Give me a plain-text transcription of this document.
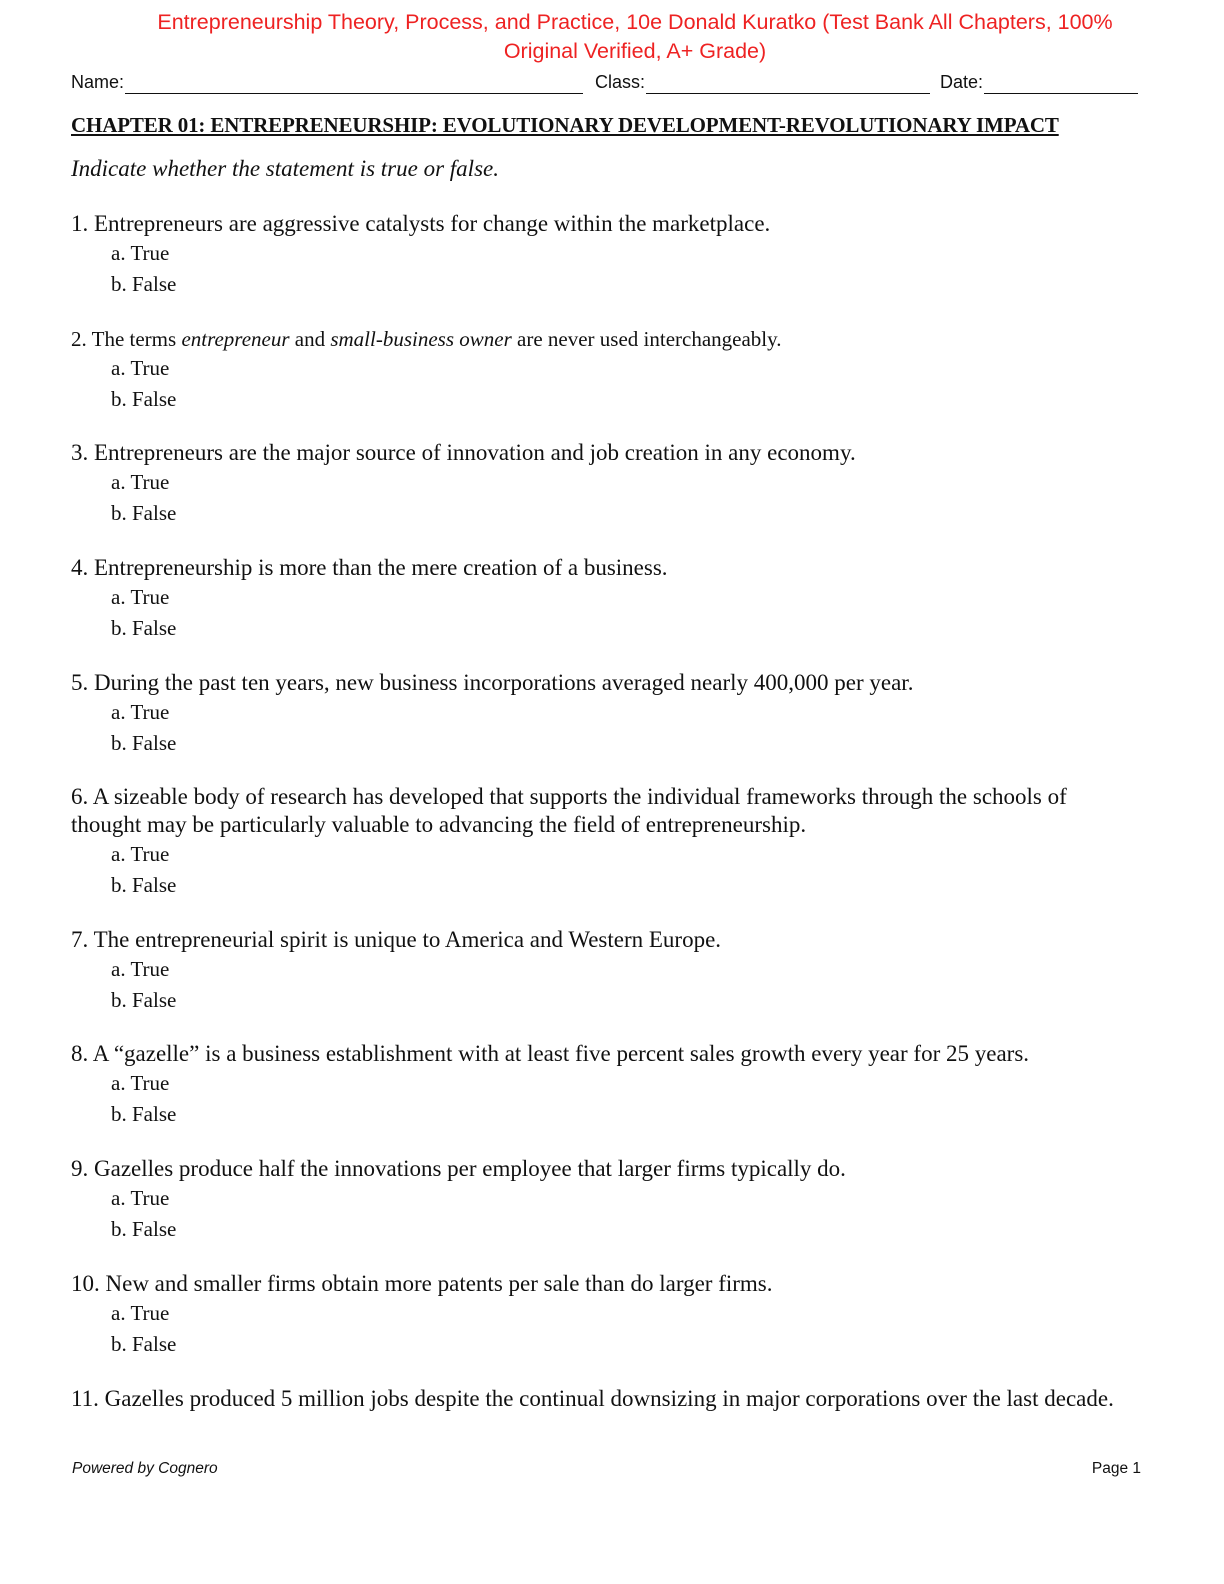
Entrepreneurship Theory, Process, and Practice, 10e Donald Kuratko (Test Bank All Chapters, 100%
Original Verified, A+ Grade)
Name:	Class:	Date:
CHAPTER 01: ENTREPRENEURSHIP: EVOLUTIONARY DEVELOPMENT-REVOLUTIONARY IMPACT
Indicate whether the statement is true or false.
1. Entrepreneurs are aggressive catalysts for change within the marketplace.
a. True
b. False
2. The terms entrepreneur and small-business owner are never used interchangeably.
a. True
b. False
3. Entrepreneurs are the major source of innovation and job creation in any economy.
a. True
b. False
4. Entrepreneurship is more than the mere creation of a business.
a. True
b. False
5. During the past ten years, new business incorporations averaged nearly 400,000 per year.
a. True
b. False
6. A sizeable body of research has developed that supports the individual frameworks through the schools of thought may be particularly valuable to advancing the field of entrepreneurship.
a. True
b. False
7. The entrepreneurial spirit is unique to America and Western Europe.
a. True
b. False
8. A “gazelle” is a business establishment with at least five percent sales growth every year for 25 years.
a. True
b. False
9. Gazelles produce half the innovations per employee that larger firms typically do.
a. True
b. False
10. New and smaller firms obtain more patents per sale than do larger firms.
a. True
b. False
11. Gazelles produced 5 million jobs despite the continual downsizing in major corporations over the last decade.
Powered by Cognero	Page 1
